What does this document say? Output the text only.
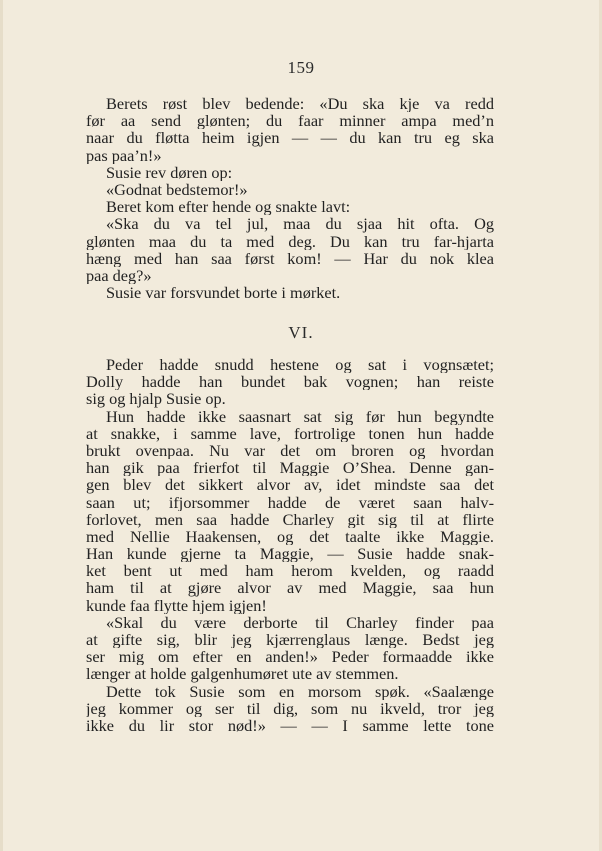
159
Berets røst blev bedende: «Du ska kje va redd
før aa send glønten; du faar minner ampa med’n
naar du fløtta heim igjen — — du kan tru eg ska
pas paa’n!»
Susie rev døren op:
«Godnat bedstemor!»
Beret kom efter hende og snakte lavt:
«Ska du va tel jul, maa du sjaa hit ofta. Og
glønten maa du ta med deg. Du kan tru far-hjarta
hæng med han saa først kom! — Har du nok klea
paa deg?»
Susie var forsvundet borte i mørket.
VI.
Peder hadde snudd hestene og sat i vognsætet;
Dolly hadde han bundet bak vognen; han reiste
sig og hjalp Susie op.
Hun hadde ikke saasnart sat sig før hun begyndte
at snakke, i samme lave, fortrolige tonen hun hadde
brukt ovenpaa. Nu var det om broren og hvordan
han gik paa frierfot til Maggie O’Shea. Denne gan-
gen blev det sikkert alvor av, idet mindste saa det
saan ut; ifjorsommer hadde de været saan halv-
forlovet, men saa hadde Charley git sig til at flirte
med Nellie Haakensen, og det taalte ikke Maggie.
Han kunde gjerne ta Maggie, — Susie hadde snak-
ket bent ut med ham herom kvelden, og raadd
ham til at gjøre alvor av med Maggie, saa hun
kunde faa flytte hjem igjen!
«Skal du være derborte til Charley finder paa
at gifte sig, blir jeg kjærrenglaus længe. Bedst jeg
ser mig om efter en anden!» Peder formaadde ikke
længer at holde galgenhumøret ute av stemmen.
Dette tok Susie som en morsom spøk. «Saalænge
jeg kommer og ser til dig, som nu ikveld, tror jeg
ikke du lir stor nød!» — — I samme lette tone
